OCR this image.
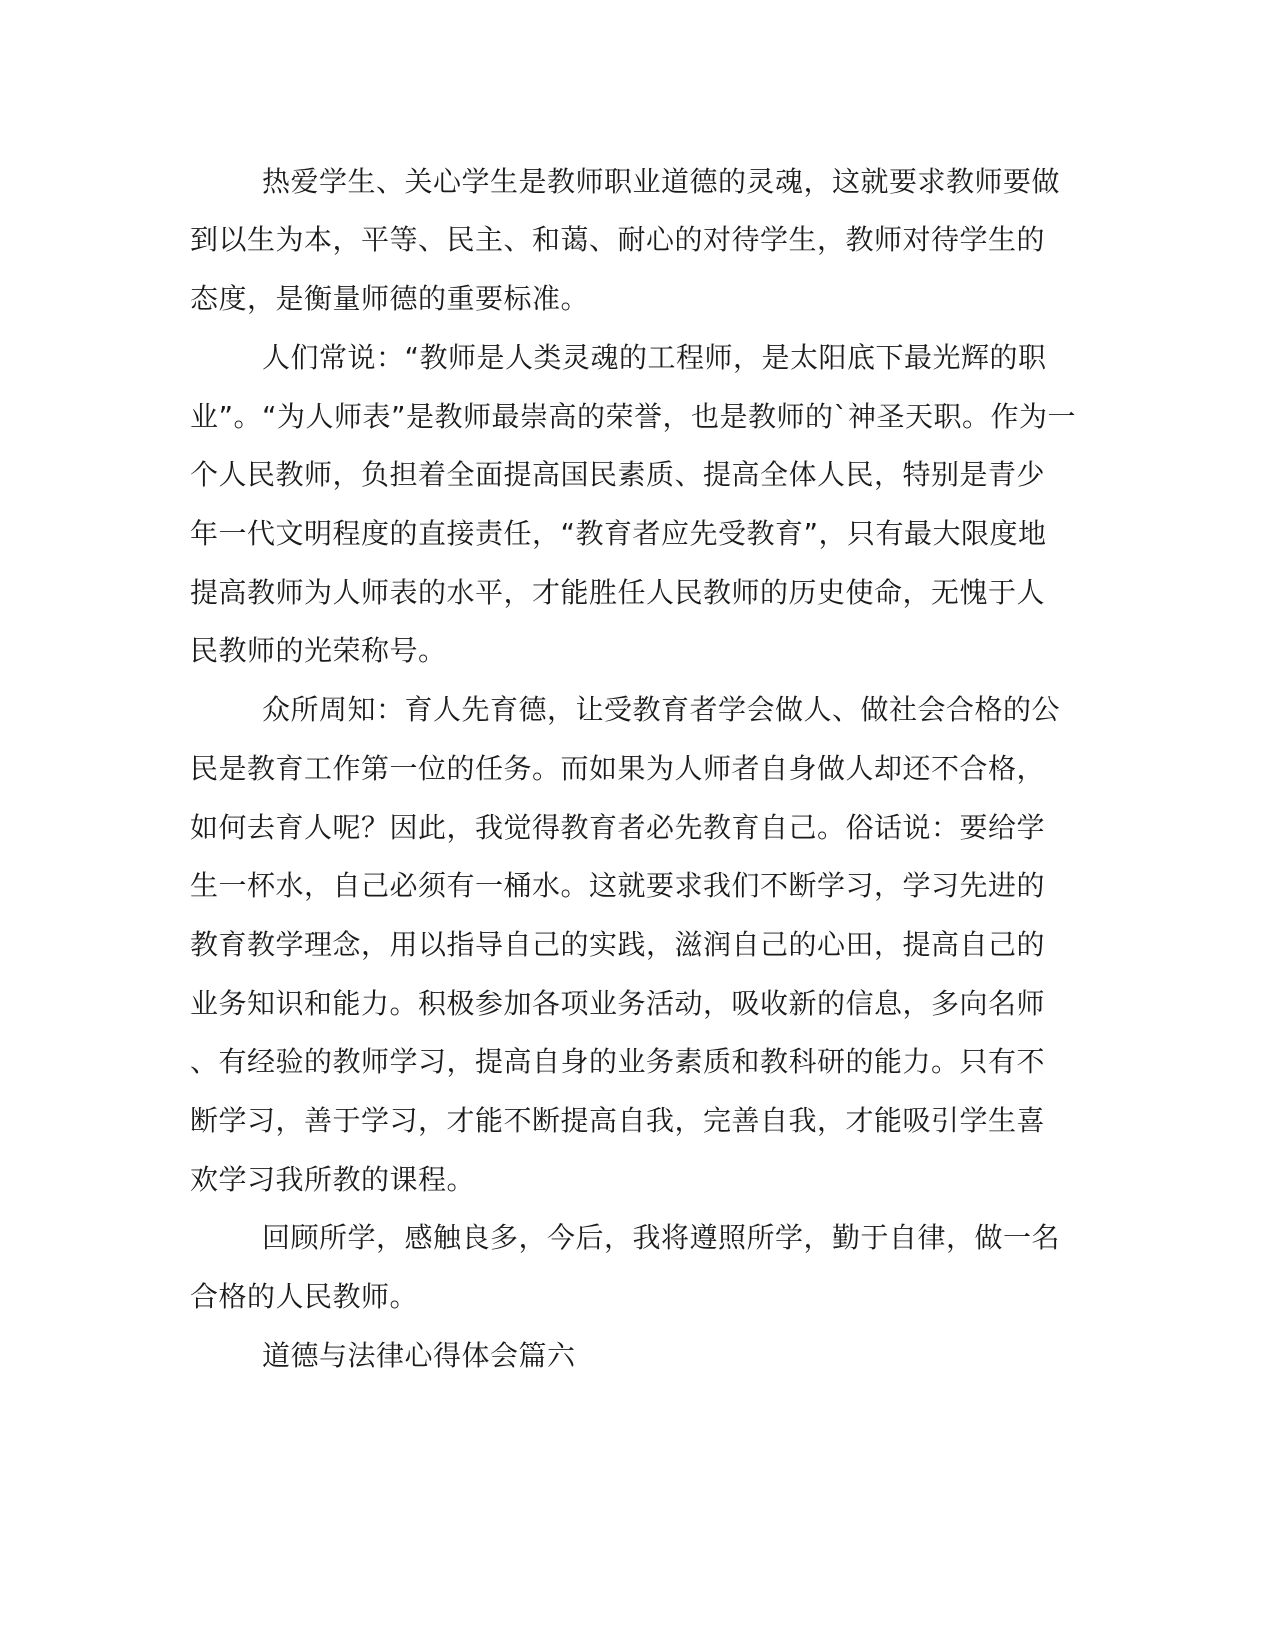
热爱学生、关心学生是教师职业道德的灵魂，这就要求教师要做
到以生为本，平等、民主、和蔼、耐心的对待学生，教师对待学生的
态度，是衡量师德的重要标准。
人们常说：“教师是人类灵魂的工程师，是太阳底下最光辉的职
业”。“为人师表”是教师最崇高的荣誉，也是教师的`神圣天职。作为一
个人民教师，负担着全面提高国民素质、提高全体人民，特别是青少
年一代文明程度的直接责任，“教育者应先受教育”，只有最大限度地
提高教师为人师表的水平，才能胜任人民教师的历史使命，无愧于人
民教师的光荣称号。
众所周知：育人先育德，让受教育者学会做人、做社会合格的公
民是教育工作第一位的任务。而如果为人师者自身做人却还不合格，
如何去育人呢？因此，我觉得教育者必先教育自己。俗话说：要给学
生一杯水，自己必须有一桶水。这就要求我们不断学习，学习先进的
教育教学理念，用以指导自己的实践，滋润自己的心田，提高自己的
业务知识和能力。积极参加各项业务活动，吸收新的信息，多向名师
、有经验的教师学习，提高自身的业务素质和教科研的能力。只有不
断学习，善于学习，才能不断提高自我，完善自我，才能吸引学生喜
欢学习我所教的课程。
回顾所学，感触良多，今后，我将遵照所学，勤于自律，做一名
合格的人民教师。
道德与法律心得体会篇六
